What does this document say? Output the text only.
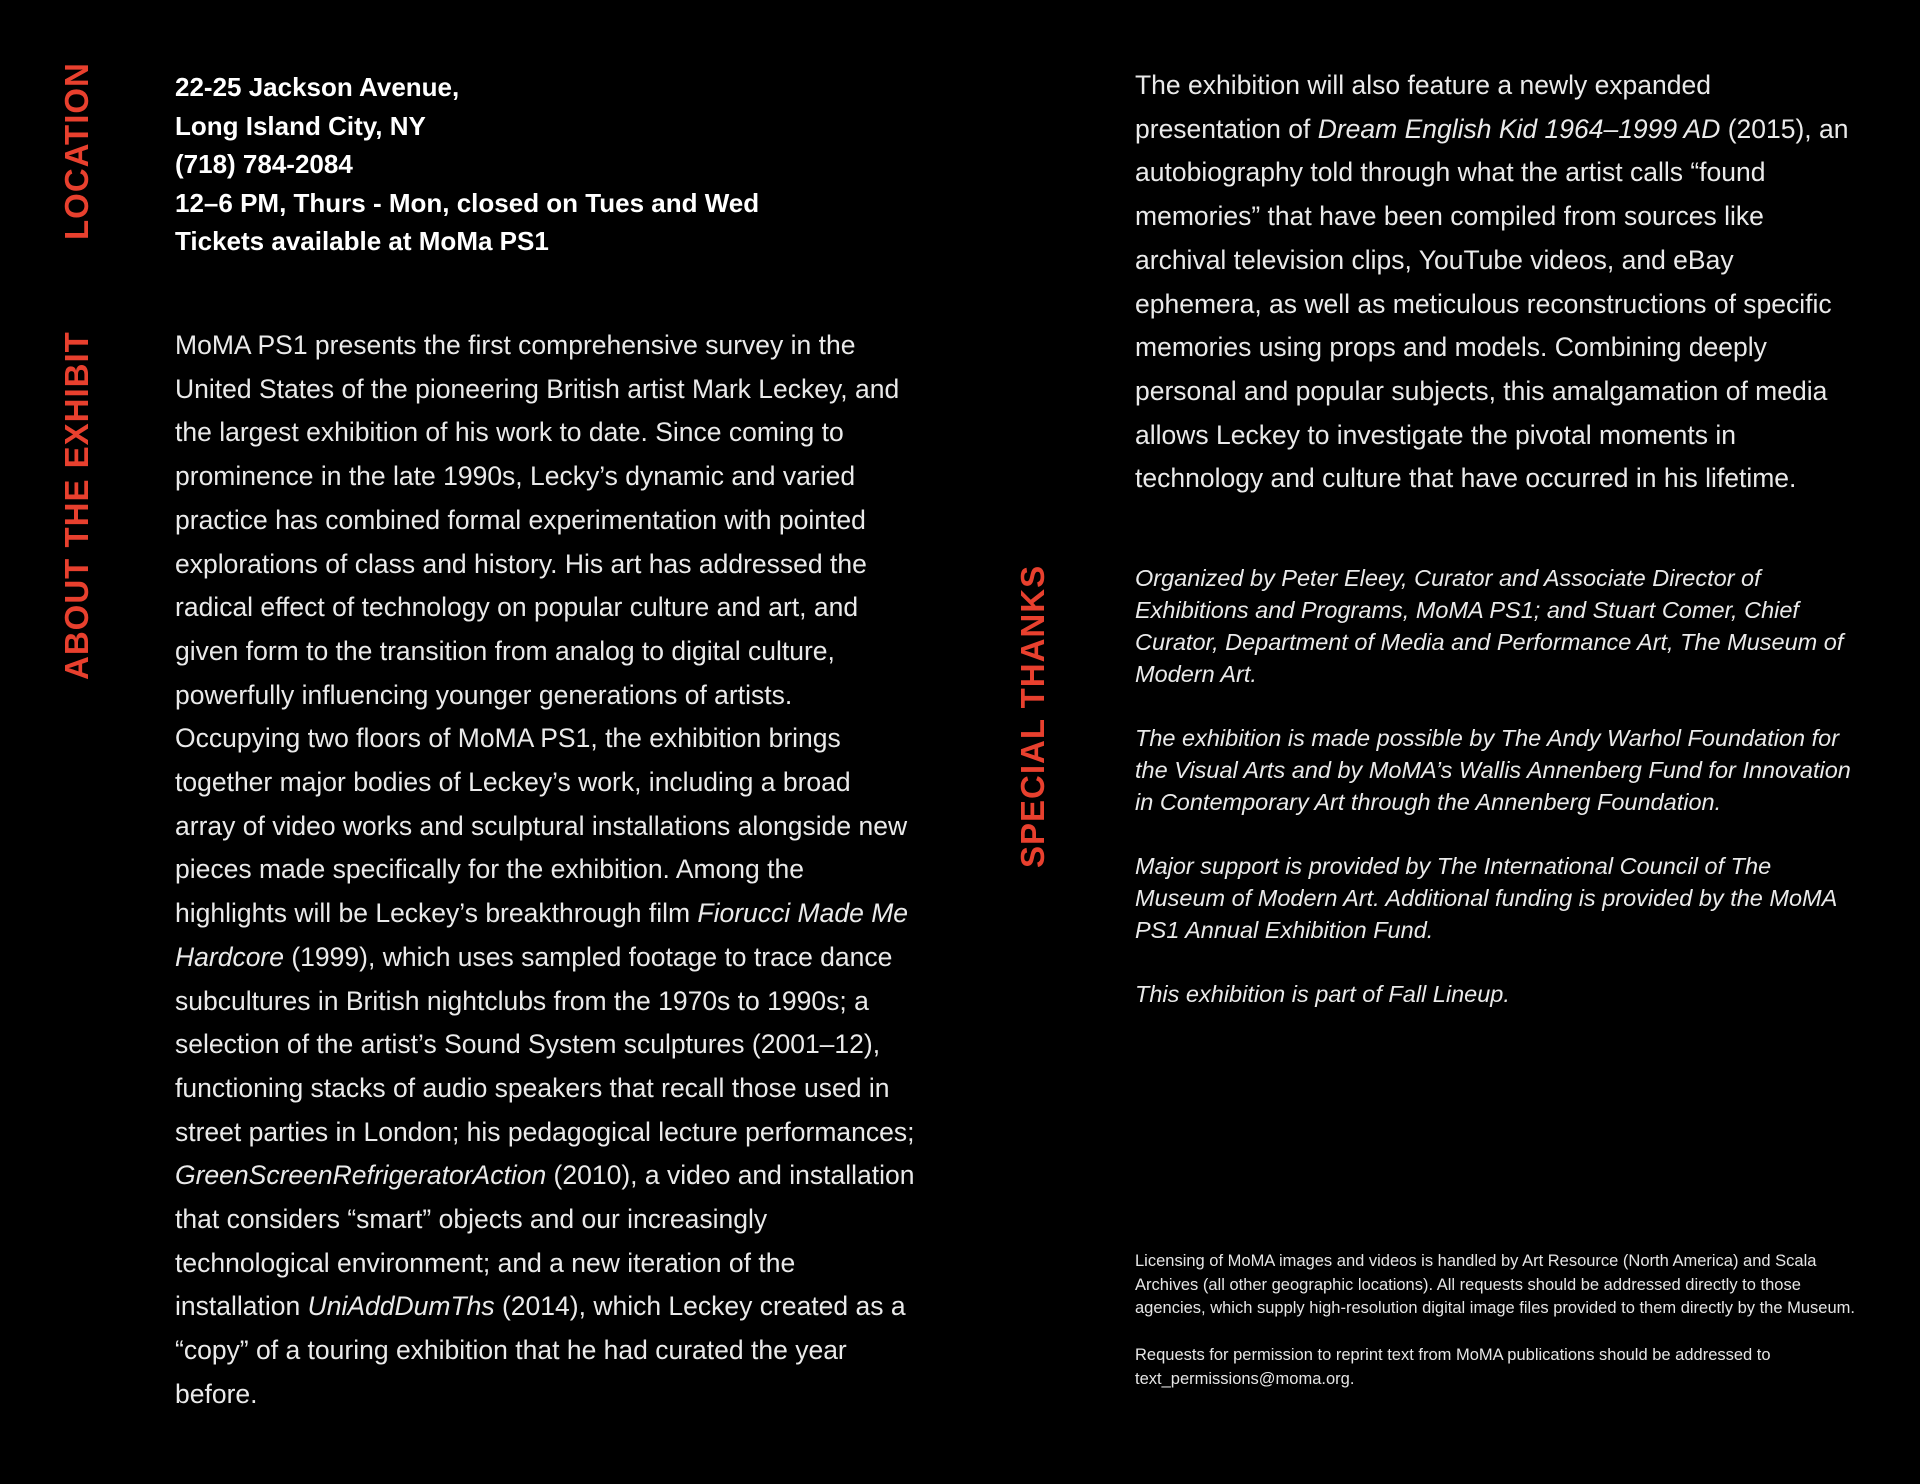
LOCATION
ABOUT THE EXHIBIT
SPECIAL THANKS
22-25 Jackson Avenue,
Long Island City, NY
(718) 784-2084
12–6 PM, Thurs - Mon, closed on Tues and Wed
Tickets available at MoMa PS1

MoMA PS1 presents the first comprehensive survey in the United States of the pioneering British artist Mark Leckey, and the largest exhibition of his work to date. Since coming to prominence in the late 1990s, Lecky’s dynamic and varied practice has combined formal experimentation with pointed explorations of class and history. His art has addressed the radical effect of technology on popular culture and art, and given form to the transition from analog to digital culture, powerfully influencing younger generations of artists. Occupying two floors of MoMA PS1, the exhibition brings together major bodies of Leckey’s work, including a broad array of video works and sculptural installations alongside new pieces made specifically for the exhibition. Among the highlights will be Leckey’s breakthrough film Fiorucci Made Me Hardcore (1999), which uses sampled footage to trace dance subcultures in British nightclubs from the 1970s to 1990s; a selection of the artist’s Sound System sculptures (2001–12), functioning stacks of audio speakers that recall those used in street parties in London; his pedagogical lecture performances; GreenScreenRefrigeratorAction (2010), a video and installation that considers “smart” objects and our increasingly technological environment; and a new iteration of the installation UniAddDumThs (2014), which Leckey created as a “copy” of a touring exhibition that he had curated the year before.

The exhibition will also feature a newly expanded presentation of Dream English Kid 1964–1999 AD (2015), an autobiography told through what the artist calls “found memories” that have been compiled from sources like archival television clips, YouTube videos, and eBay ephemera, as well as meticulous reconstructions of specific memories using props and models. Combining deeply personal and popular subjects, this amalgamation of media allows Leckey to investigate the pivotal moments in technology and culture that have occurred in his lifetime.

Organized by Peter Eleey, Curator and Associate Director of Exhibitions and Programs, MoMA PS1; and Stuart Comer, Chief Curator, Department of Media and Performance Art, The Museum of Modern Art.

The exhibition is made possible by The Andy Warhol Foundation for the Visual Arts and by MoMA’s Wallis Annenberg Fund for Innovation in Contemporary Art through the Annenberg Foundation.

Major support is provided by The International Council of The Museum of Modern Art. Additional funding is provided by the MoMA PS1 Annual Exhibition Fund.

This exhibition is part of Fall Lineup.

Licensing of MoMA images and videos is handled by Art Resource (North America) and Scala Archives (all other geographic locations). All requests should be addressed directly to those agencies, which supply high-resolution digital image files provided to them directly by the Museum.

Requests for permission to reprint text from MoMA publications should be addressed to text_permissions@moma.org.
